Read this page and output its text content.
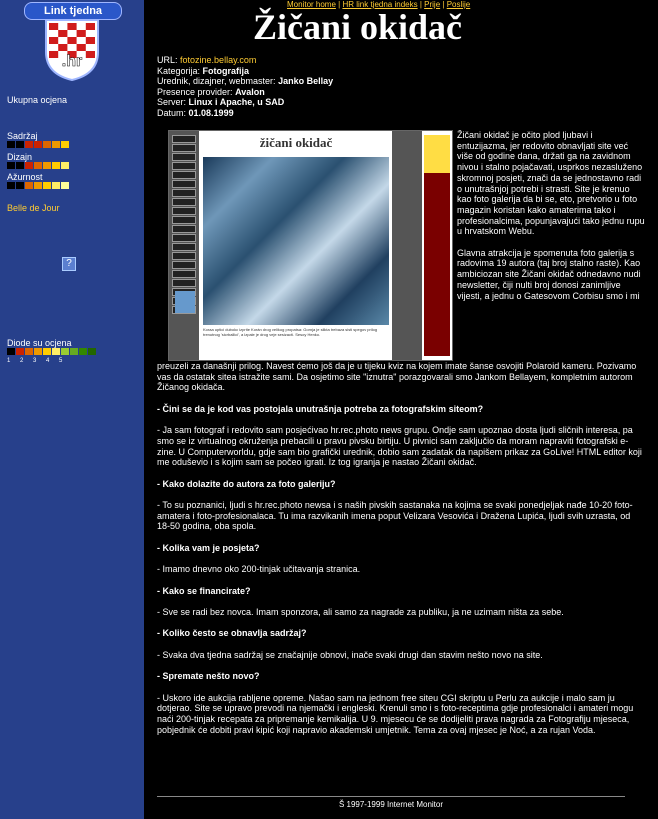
Link tjedna
.hr
Ukupna ocjena
Sadržaj
Dizajn
Ažurnost
Belle de Jour
?
Diode su ocjena
1	2	3	4	5
Monitor home | HR link tjedna indeks | Prije | Poslije
Žičani okidač
URL: fotozine.bellay.com
Kategorija: Fotografija
Urednik, dizajner, webmaster: Janko Bellay
Presence provider: Avalon
Server: Linux i Apache, u SAD
Datum: 01.08.1999
žičani okidač
Koraa uptici dubokc izprite Korán drog velikog propatsa: Gornja je slikta trebaza sisti spegov prilog trenutnog 'sicrballici', a lzpale je drog veje sesizacti. Sesoy Henko.

Žičani okidač je očito plod ljubavi i entuzijazma, jer redovito obnavljati site već više od godine dana, držati ga na zavidnom nivou i stalno pojačavati, usprkos nezasluženo skromnoj posjeti, znači da se jednostavno radi o unutrašnjoj potrebi i strasti. Site je krenuo kao foto galerija da bi se, eto, pretvorio u foto magazin koristan kako amaterima tako i profesionalcima, popunjavajući tako jednu rupu u hrvatskom Webu.

Glavna atrakcija je spomenuta foto galerija s radovima 19 autora (taj broj stalno raste). Kao ambiciozan site Žičani okidač odnedavno nudi newsletter, čiji nulti broj donosi zanimljive vijesti, a jednu o Gatesovom Corbisu smo i mi

preuzeli za današnji prilog. Navest ćemo još da je u tijeku kviz na kojem imate šanse osvojiti Polaroid kameru. Pozivamo vas da ostatak sitea istražite sami. Da osjetimo site "iznutra" porazgovarali smo Jankom Bellayem, kompletnim autorom Žičanog okidača.

- Čini se da je kod vas postojala unutrašnja potreba za fotografskim siteom?

- Ja sam fotograf i redovito sam posjećivao hr.rec.photo news grupu. Ondje sam upoznao dosta ljudi sličnih interesa, pa smo se iz virtualnog okruženja prebacili u pravu pivsku birtiju. U pivnici sam zaključio da moram napraviti fotografski e-zine. U Computerworldu, gdje sam bio grafički urednik, dobio sam zadatak da napišem prikaz za GoLive! HTML editor koji me oduševio i s kojim sam se počeo igrati. Iz tog igranja je nastao Žičani okidač.

- Kako dolazite do autora za foto galeriju?

- To su poznanici, ljudi s hr.rec.photo newsa i s naših pivskih sastanaka na kojima se svaki ponedjeljak nađe 10-20 foto-amatera i foto-profesionalaca. Tu ima razvikanih imena poput Velizara Vesovića i Dražena Lupića, ljudi svih uzrasta, od 18-50 godina, oba spola.

- Kolika vam je posjeta?

- Imamo dnevno oko 200-tinjak učitavanja stranica.

- Kako se financirate?

- Sve se radi bez novca. Imam sponzora, ali samo za nagrade za publiku, ja ne uzimam ništa za sebe.

- Koliko često se obnavlja sadržaj?

- Svaka dva tjedna sadržaj se značajnije obnovi, inače svaki drugi dan stavim nešto novo na site.

- Spremate nešto novo?

- Uskoro ide aukcija rabljene opreme. Našao sam na jednom free siteu CGI skriptu u Perlu za aukcije i malo sam ju dotjerao. Site se upravo prevodi na njemački i engleski. Krenuli smo i s foto-receptima gdje profesionalci i amateri mogu naći 200-tinjak recepata za pripremanje kemikalija. U 9. mjesecu će se dodijeliti prava nagrada za Fotografiju mjeseca, pobjednik će dobiti pravi kipić koji napravio akademski umjetnik. Tema za ovaj mjesec je Noć, a za rujan Voda.

Š 1997-1999 Internet Monitor
